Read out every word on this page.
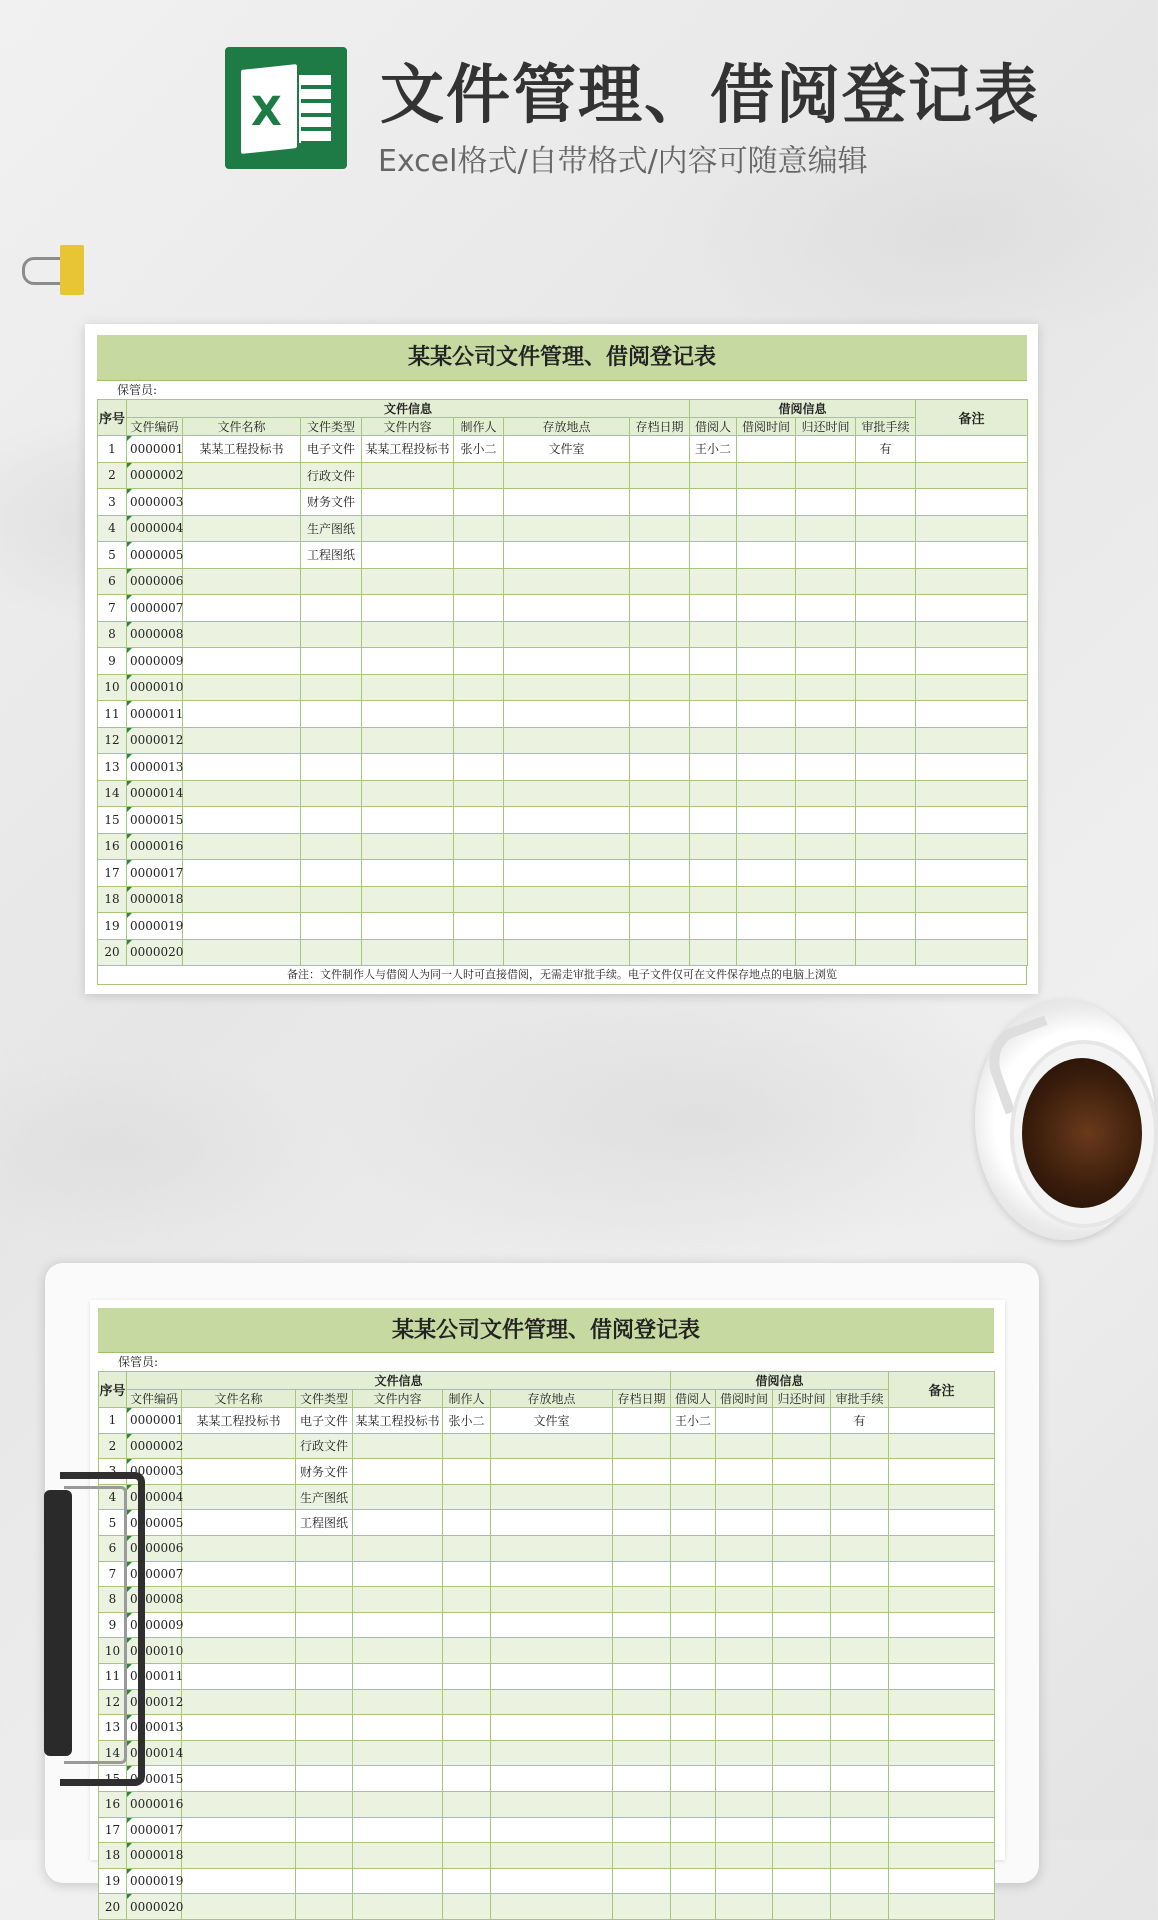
X 文件管理、借阅登记表
Excel格式/自带格式/内容可随意编辑
某某公司文件管理、借阅登记表
保管员:
序号	文件信息							借阅信息				备注
	文件编码	文件名称	文件类型	文件内容	制作人	存放地点	存档日期	借阅人	借阅时间	归还时间	审批手续	
1	0000001	某某工程投标书	电子文件	某某工程投标书	张小二	文件室		王小二			有	
2	0000002		行政文件									
3	0000003		财务文件									
4	0000004		生产图纸									
5	0000005		工程图纸									
6	0000006											
7	0000007											
8	0000008											
9	0000009											
10	0000010											
11	0000011											
12	0000012											
13	0000013											
14	0000014											
15	0000015											
16	0000016											
17	0000017											
18	0000018											
19	0000019											
20	0000020											
备注：文件制作人与借阅人为同一人时可直接借阅，无需走审批手续。电子文件仅可在文件保存地点的电脑上浏览
某某公司文件管理、借阅登记表
保管员:
序号	文件信息							借阅信息				备注
	文件编码	文件名称	文件类型	文件内容	制作人	存放地点	存档日期	借阅人	借阅时间	归还时间	审批手续	
1	0000001	某某工程投标书	电子文件	某某工程投标书	张小二	文件室		王小二			有	
2	0000002		行政文件									
3	0000003		财务文件									
4	0000004		生产图纸									
5	0000005		工程图纸									
6	0000006											
7	0000007											
8	0000008											
9	0000009											
10	0000010											
11	0000011											
12	0000012											
13	0000013											
14	0000014											
15	0000015											
16	0000016											
17	0000017											
18	0000018											
19	0000019											
20	0000020											
